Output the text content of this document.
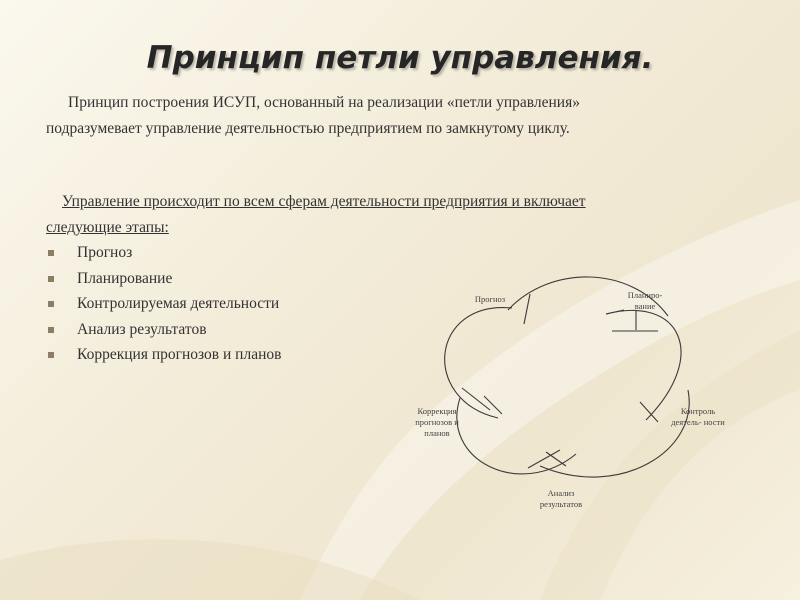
Принцип петли управления.
Принцип построения ИСУП, основанный на реализации «петли управления» подразумевает управление деятельностью предприятием по замкнутому циклу.
Управление происходит по всем сферам деятельности предприятия и включает следующие этапы:
Прогноз
Планирование
Контролируемая деятельности
Анализ результатов
Коррекция прогнозов и планов
Прогноз	Планиро- вание
Контроль деятель- ности
Анализ результатов
Коррекция прогнозов и планов
